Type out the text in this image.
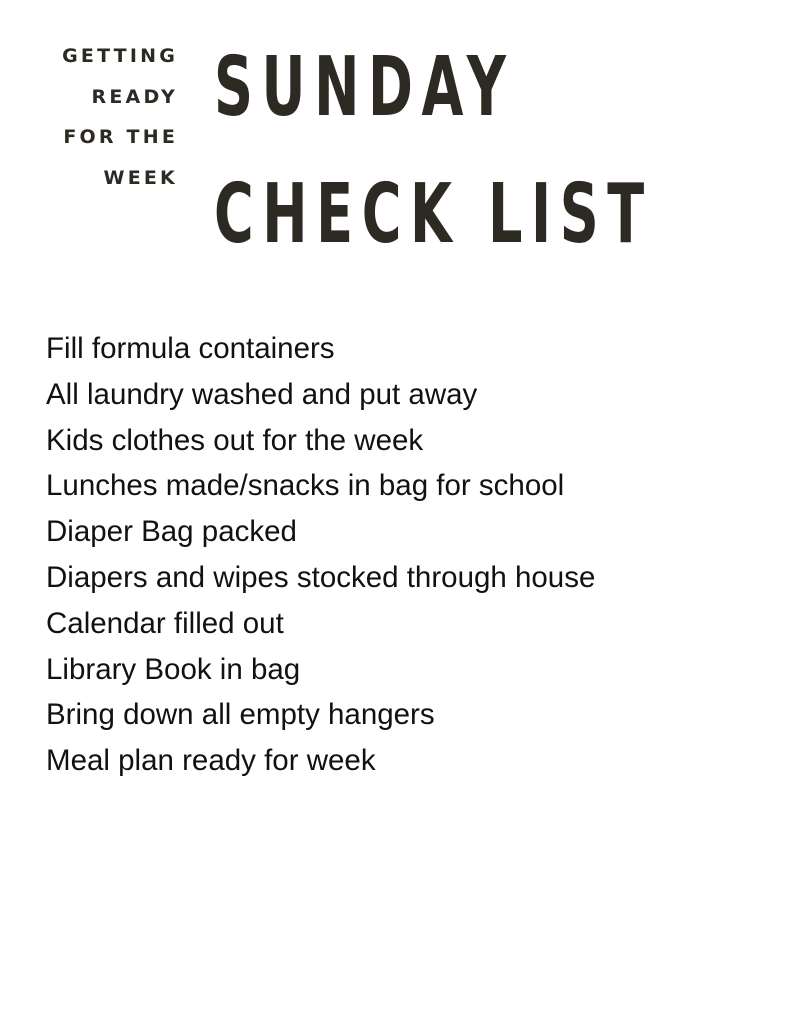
GETTING
READY
FOR THE
WEEK
SUNDAY
CHECK LIST
Fill formula containers
All laundry washed and put away
Kids clothes out for the week
Lunches made/snacks in bag for school
Diaper Bag packed
Diapers and wipes stocked through house
Calendar filled out
Library Book in bag
Bring down all empty hangers
Meal plan ready for week
